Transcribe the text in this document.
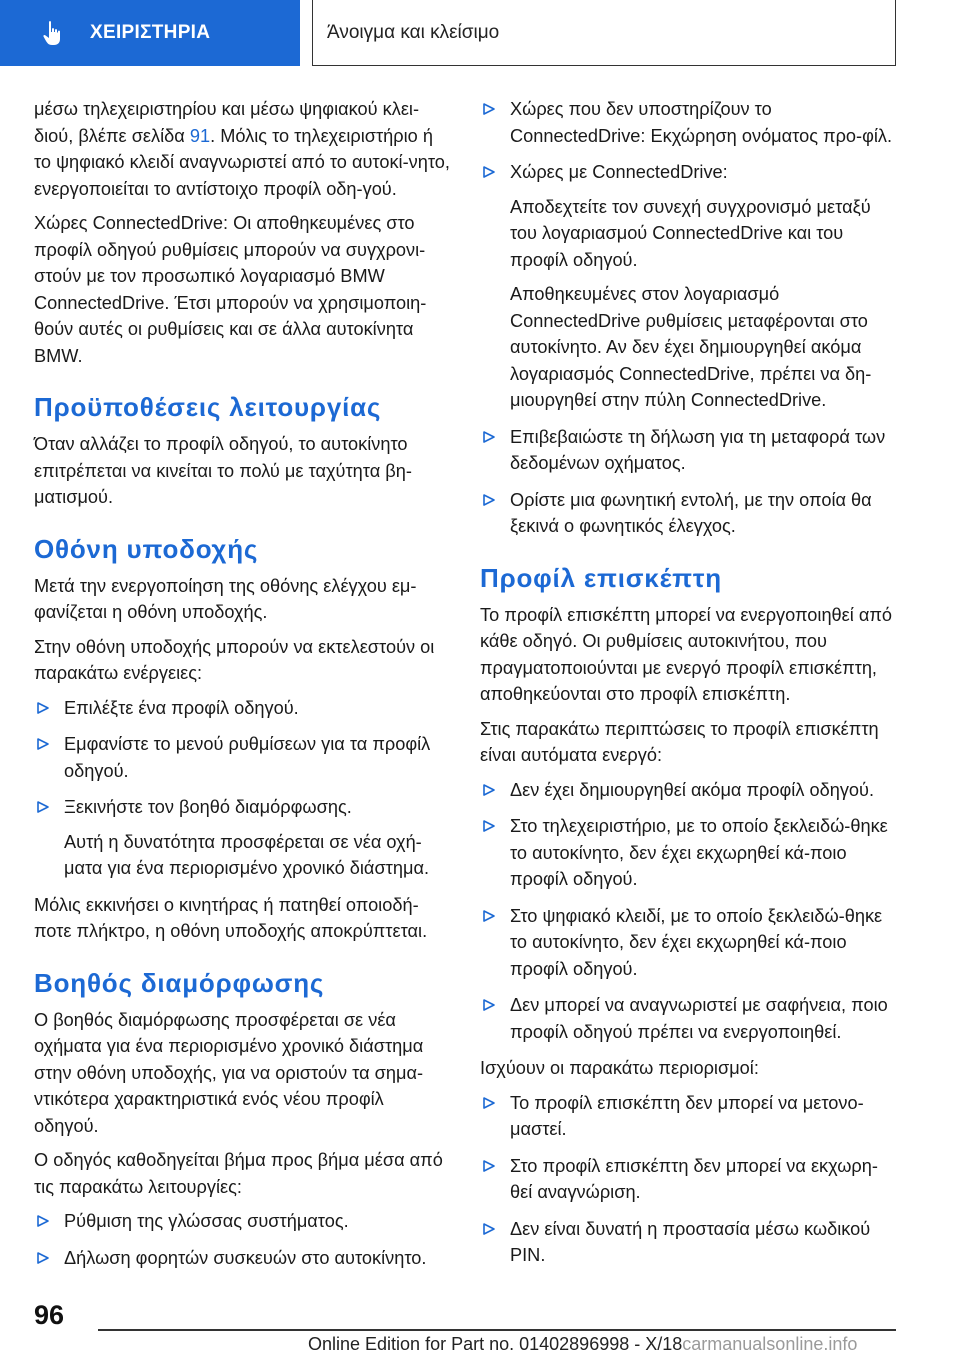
ΧΕΙΡΙΣΤΗΡΙΑ	Άνοιγμα και κλείσιμο

μέσω τηλεχειριστηρίου και μέσω ψηφιακού κλει‐διού, βλέπε σελίδα 91. Μόλις το τηλεχειριστήριο ή το ψηφιακό κλειδί αναγνωριστεί από το αυτοκί‐νητο, ενεργοποιείται το αντίστοιχο προφίλ οδη‐γού.

Χώρες ConnectedDrive: Οι αποθηκευμένες στο προφίλ οδηγού ρυθμίσεις μπορούν να συγχρονι‐στούν με τον προσωπικό λογαριασμό BMW ConnectedDrive. Έτσι μπορούν να χρησιμοποιη‐θούν αυτές οι ρυθμίσεις και σε άλλα αυτοκίνητα BMW.

Προϋποθέσεις λειτουργίας

Όταν αλλάζει το προφίλ οδηγού, το αυτοκίνητο επιτρέπεται να κινείται το πολύ με ταχύτητα βη‐ματισμού.

Οθόνη υποδοχής

Μετά την ενεργοποίηση της οθόνης ελέγχου εμ‐φανίζεται η οθόνη υποδοχής.

Στην οθόνη υποδοχής μπορούν να εκτελεστούν οι παρακάτω ενέργειες:

Επιλέξτε ένα προφίλ οδηγού.
Εμφανίστε το μενού ρυθμίσεων για τα προφίλ οδηγού.
Ξεκινήστε τον βοηθό διαμόρφωσης.
Αυτή η δυνατότητα προσφέρεται σε νέα οχή‐ματα για ένα περιορισμένο χρονικό διάστημα.

Μόλις εκκινήσει ο κινητήρας ή πατηθεί οποιοδή‐ποτε πλήκτρο, η οθόνη υποδοχής αποκρύπτεται.

Βοηθός διαμόρφωσης

Ο βοηθός διαμόρφωσης προσφέρεται σε νέα οχήματα για ένα περιορισμένο χρονικό διάστημα στην οθόνη υποδοχής, για να οριστούν τα σημα‐ντικότερα χαρακτηριστικά ενός νέου προφίλ οδηγού.

Ο οδηγός καθοδηγείται βήμα προς βήμα μέσα από τις παρακάτω λειτουργίες:

Ρύθμιση της γλώσσας συστήματος.
Δήλωση φορητών συσκευών στο αυτοκίνητο.
Χώρες που δεν υποστηρίζουν το ConnectedDrive: Εκχώρηση ονόματος προ‐φίλ.
Χώρες με ConnectedDrive:
Αποδεχτείτε τον συνεχή συγχρονισμό μεταξύ του λογαριασμού ConnectedDrive και του προφίλ οδηγού.
Αποθηκευμένες στον λογαριασμό ConnectedDrive ρυθμίσεις μεταφέρονται στο αυτοκίνητο. Αν δεν έχει δημιουργηθεί ακόμα λογαριασμός ConnectedDrive, πρέπει να δη‐μιουργηθεί στην πύλη ConnectedDrive.
Επιβεβαιώστε τη δήλωση για τη μεταφορά των δεδομένων οχήματος.
Ορίστε μια φωνητική εντολή, με την οποία θα ξεκινά ο φωνητικός έλεγχος.
Προφίλ επισκέπτη

Το προφίλ επισκέπτη μπορεί να ενεργοποιηθεί από κάθε οδηγό. Οι ρυθμίσεις αυτοκινήτου, που πραγματοποιούνται με ενεργό προφίλ επισκέπτη, αποθηκεύονται στο προφίλ επισκέπτη.

Στις παρακάτω περιπτώσεις το προφίλ επισκέπτη είναι αυτόματα ενεργό:

Δεν έχει δημιουργηθεί ακόμα προφίλ οδηγού.
Στο τηλεχειριστήριο, με το οποίο ξεκλειδώ‐θηκε το αυτοκίνητο, δεν έχει εκχωρηθεί κά‐ποιο προφίλ οδηγού.
Στο ψηφιακό κλειδί, με το οποίο ξεκλειδώ‐θηκε το αυτοκίνητο, δεν έχει εκχωρηθεί κά‐ποιο προφίλ οδηγού.
Δεν μπορεί να αναγνωριστεί με σαφήνεια, ποιο προφίλ οδηγού πρέπει να ενεργοποιηθεί.

Ισχύουν οι παρακάτω περιορισμοί:

Το προφίλ επισκέπτη δεν μπορεί να μετονο‐μαστεί.
Στο προφίλ επισκέπτη δεν μπορεί να εκχωρη‐θεί αναγνώριση.
Δεν είναι δυνατή η προστασία μέσω κωδικού PIN.
96
Online Edition for Part no. 01402896998 - X/18carmanualsonline.info
